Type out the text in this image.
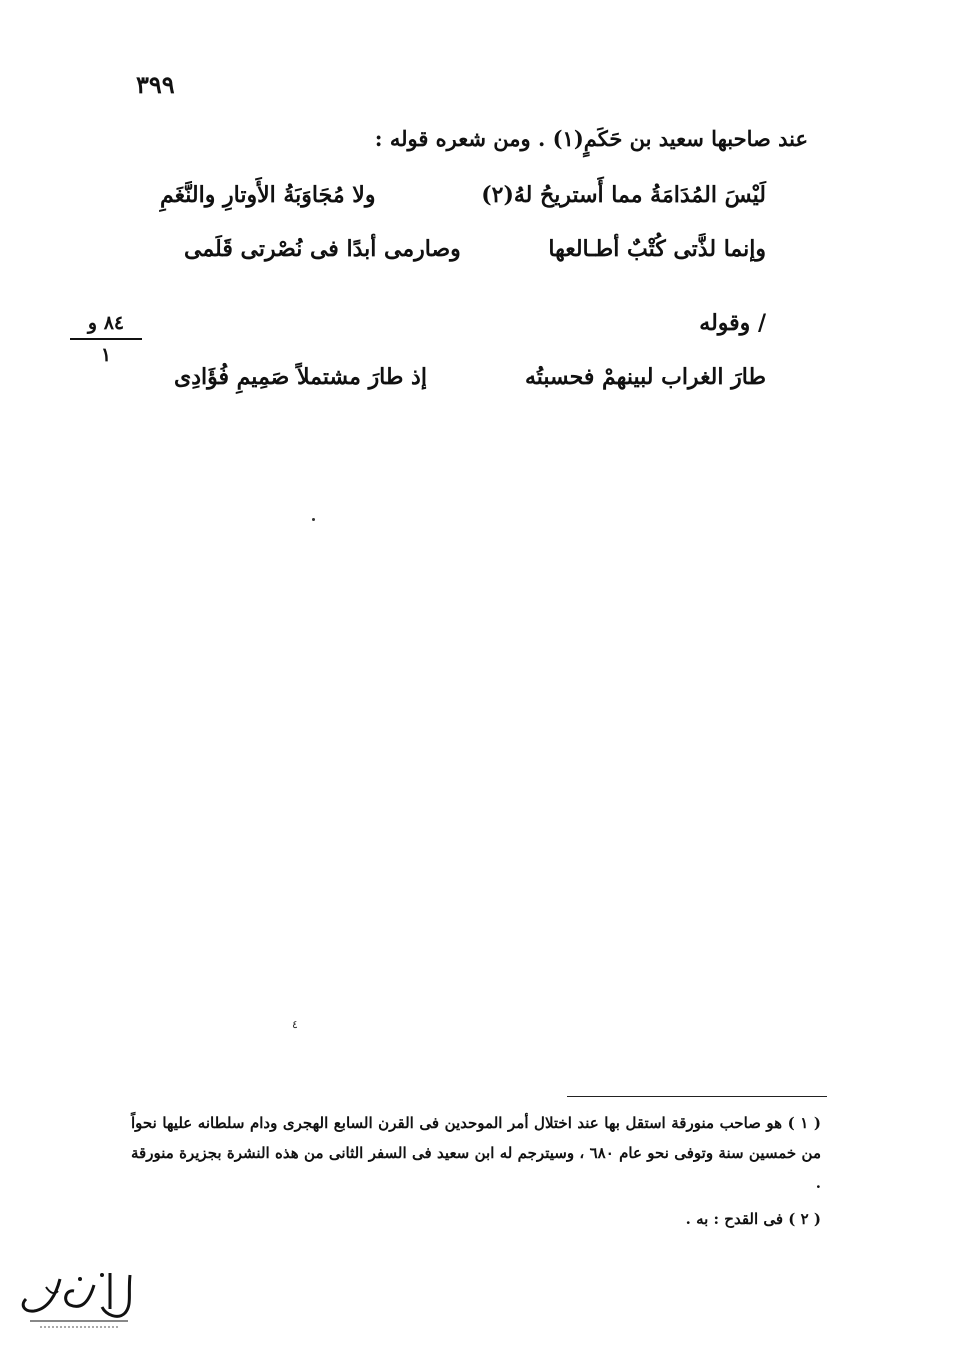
٣٩٩
عند صاحبها سعيد بن حَكَمٍ(١) . ومن شعره قوله :
لَيْسَ المُدَامَةُ مما أَستريحُ لهُ(٢)
ولا مُجَاوَبَةُ الأَوتارِ والنَّغَمِ
وإنما لذَّتى كُتْبٌ أطـالعها
وصارمى أبدًا فى نُصْرتى قَلَمى
/ وقوله
٨٤ و
١
طارَ الغراب لبينهمْ فحسبتُه
إذ طارَ مشتملاً صَمِيمِ فُؤَادِى
٤

( ١ ) هو صاحب منورقة استقل بها عند اختلال أمر الموحدين فى القرن السابع الهجرى ودام سلطانه عليها نحواً من خمسين سنة وتوفى نحو عام ٦٨٠ ، وسيترجم له ابن سعيد فى السفر الثانى من هذه النشرة بجزيرة منورقة .

( ٢ ) فى القدح : به .
